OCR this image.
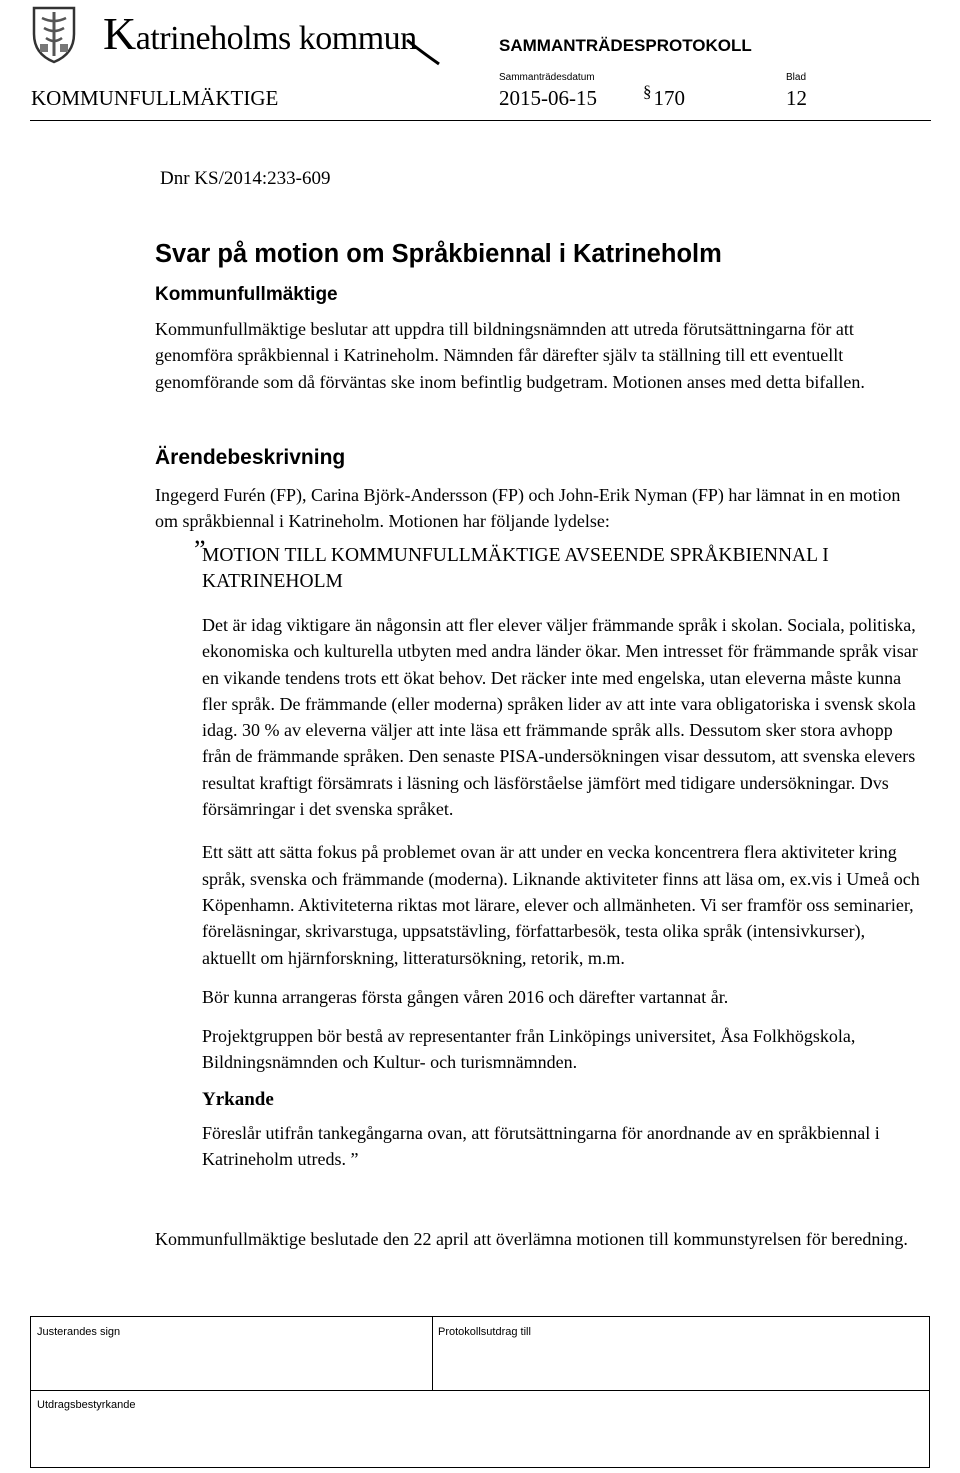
Katrineholms kommun	SAMMANTRÄDESPROTOKOLL
Sammanträdesdatum	Blad
KOMMUNFULLMÄKTIGE	2015-06-15	§170	12
Dnr KS/2014:233-609
Svar på motion om Språkbiennal i Katrineholm
Kommunfullmäktige

Kommunfullmäktige beslutar att uppdra till bildningsnämnden att utreda förutsättningarna för att genomföra språkbiennal i Katrineholm. Nämnden får därefter själv ta ställning till ett eventuellt genomförande som då förväntas ske inom befintlig budgetram. Motionen anses med detta bifallen.

Ärendebeskrivning

Ingegerd Furén (FP), Carina Björk-Andersson (FP) och John-Erik Nyman (FP) har lämnat in en motion om språkbiennal i Katrineholm. Motionen har följande lydelse:

”
MOTION TILL KOMMUNFULLMÄKTIGE AVSEENDE SPRÅKBIENNAL I KATRINEHOLM

Det är idag viktigare än någonsin att fler elever väljer främmande språk i skolan. Sociala, politiska, ekonomiska och kulturella utbyten med andra länder ökar. Men intresset för främmande språk visar en vikande tendens trots ett ökat behov. Det räcker inte med engelska, utan eleverna måste kunna fler språk. De främmande (eller moderna) språken lider av att inte vara obligatoriska i svensk skola idag. 30 % av eleverna väljer att inte läsa ett främmande språk alls. Dessutom sker stora avhopp från de främmande språken. Den senaste PISA-undersökningen visar dessutom, att svenska elevers resultat kraftigt försämrats i läsning och läsförståelse jämfört med tidigare undersökningar. Dvs försämringar i det svenska språket.

Ett sätt att sätta fokus på problemet ovan är att under en vecka koncentrera flera aktiviteter kring språk, svenska och främmande (moderna). Liknande aktiviteter finns att läsa om, ex.vis i Umeå och Köpenhamn. Aktiviteterna riktas mot lärare, elever och allmänheten. Vi ser framför oss seminarier, föreläsningar, skrivarstuga, uppsatstävling, författarbesök, testa olika språk (intensivkurser), aktuellt om hjärnforskning, litteratursökning, retorik, m.m.

Bör kunna arrangeras första gången våren 2016 och därefter vartannat år.

Projektgruppen bör bestå av representanter från Linköpings universitet, Åsa Folkhögskola, Bildningsnämnden och Kultur- och turismnämnden.

Yrkande

Föreslår utifrån tankegångarna ovan, att förutsättningarna för anordnande av en språkbiennal i Katrineholm utreds. ”

Kommunfullmäktige beslutade den 22 april att överlämna motionen till kommunstyrelsen för beredning.

Justerandes sign	Protokollsutdrag till
Utdragsbestyrkande
